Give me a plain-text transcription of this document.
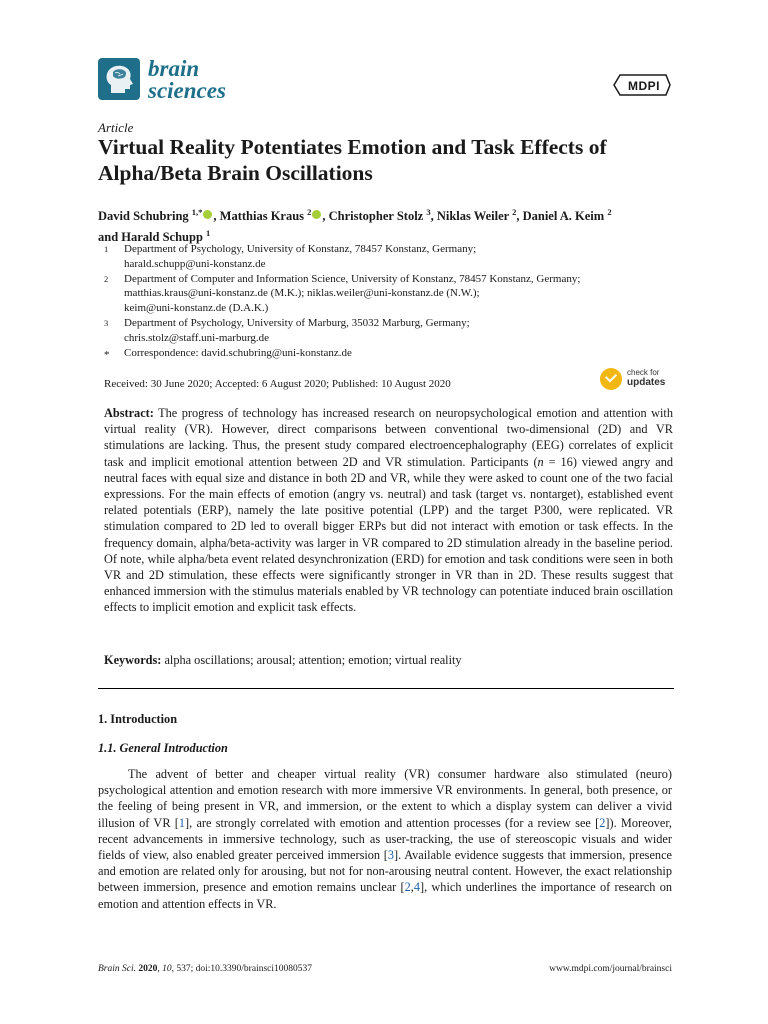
brain
sciences	MDPI
Article
Virtual Reality Potentiates Emotion and Task Effects of Alpha/Beta Brain Oscillations
David Schubring $^{1,*}$ , Matthias Kraus $^2$ , Christopher Stolz $^3$, Niklas Weiler $^2$, Daniel A. Keim $^2$
and Harald Schupp $^1$
1 Department of Psychology, University of Konstanz, 78457 Konstanz, Germany;
harald.schupp@uni-konstanz.de
2 Department of Computer and Information Science, University of Konstanz, 78457 Konstanz, Germany;
matthias.kraus@uni-konstanz.de (M.K.); niklas.weiler@uni-konstanz.de (N.W.);
keim@uni-konstanz.de (D.A.K.)
3 Department of Psychology, University of Marburg, 35032 Marburg, Germany;
chris.stolz@staff.uni-marburg.de
* Correspondence: david.schubring@uni-konstanz.de
Received: 30 June 2020; Accepted: 6 August 2020; Published: 10 August 2020
check for
updates

Abstract: The progress of technology has increased research on neuropsychological emotion and attention with virtual reality (VR). However, direct comparisons between conventional two-dimensional (2D) and VR stimulations are lacking. Thus, the present study compared electroencephalography (EEG) correlates of explicit task and implicit emotional attention between 2D and VR stimulation. Participants (n = 16) viewed angry and neutral faces with equal size and distance in both 2D and VR, while they were asked to count one of the two facial expressions. For the main effects of emotion (angry vs. neutral) and task (target vs. nontarget), established event related potentials (ERP), namely the late positive potential (LPP) and the target P300, were replicated. VR stimulation compared to 2D led to overall bigger ERPs but did not interact with emotion or task effects. In the frequency domain, alpha/beta-activity was larger in VR compared to 2D stimulation already in the baseline period. Of note, while alpha/beta event related desynchronization (ERD) for emotion and task conditions were seen in both VR and 2D stimulation, these effects were significantly stronger in VR than in 2D. These results suggest that enhanced immersion with the stimulus materials enabled by VR technology can potentiate induced brain oscillation effects to implicit emotion and explicit task effects.

Keywords: alpha oscillations; arousal; attention; emotion; virtual reality

1. Introduction
1.1. General Introduction

The advent of better and cheaper virtual reality (VR) consumer hardware also stimulated (neuro) psychological attention and emotion research with more immersive VR environments. In general, both presence, or the feeling of being present in VR, and immersion, or the extent to which a display system can deliver a vivid illusion of VR [1], are strongly correlated with emotion and attention processes (for a review see [2]). Moreover, recent advancements in immersive technology, such as user-tracking, the use of stereoscopic visuals and wider fields of view, also enabled greater perceived immersion [3]. Available evidence suggests that immersion, presence and emotion are related only for arousing, but not for non-arousing neutral content. However, the exact relationship between immersion, presence and emotion remains unclear [2,4], which underlines the importance of research on emotion and attention effects in VR.

Brain Sci. 2020, 10, 537; doi:10.3390/brainsci10080537	www.mdpi.com/journal/brainsci
